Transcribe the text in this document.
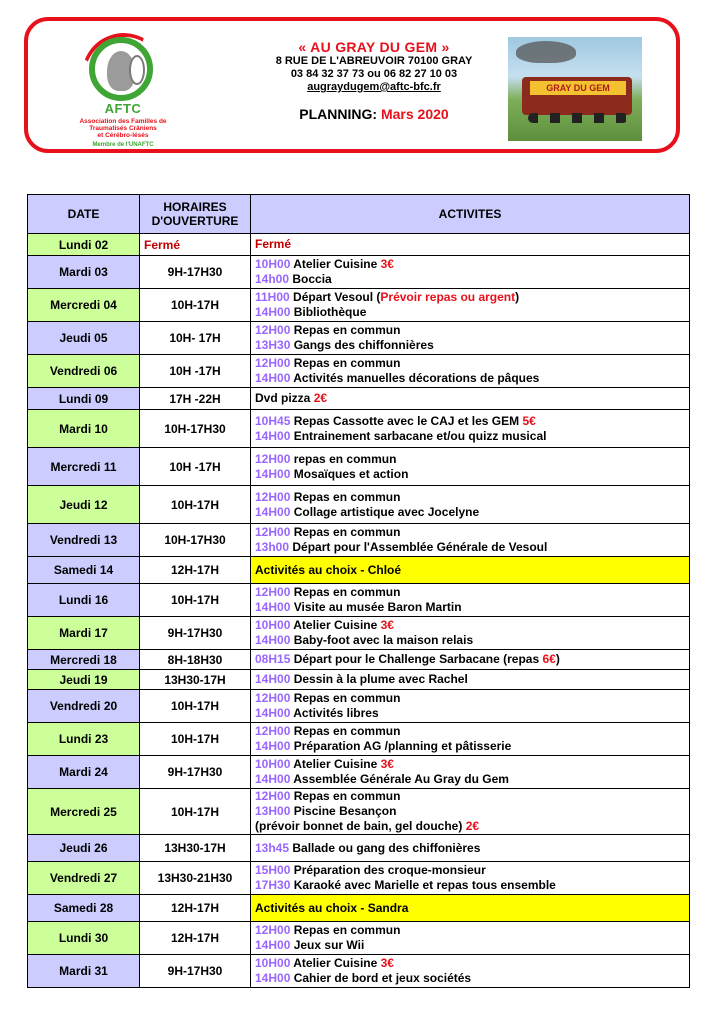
AFTC
Association des Familles de
Traumatisés Crâniens
et Cérébro-lésés
Membre de l'UNAFTC
« AU GRAY DU GEM »
8 RUE DE L'ABREUVOIR 70100 GRAY
03 84 32 37 73 ou 06 82 27 10 03
augraydugem@aftc-bfc.fr
PLANNING: Mars 2020
GRAY DU GEM
DATE	HORAIRES D'OUVERTURE	ACTIVITES
Lundi 02	Fermé	Fermé

Mardi 03	9H-17H30	10H00 Atelier Cuisine 3€
14h00 Boccia

Mercredi 04	10H-17H	11H00 Départ Vesoul (Prévoir repas ou argent)
14H00 Bibliothèque

Jeudi 05	10H- 17H	12H00 Repas en commun
13H30 Gangs des chiffonnières

Vendredi 06	10H -17H	12H00 Repas en commun
14H00 Activités manuelles décorations de pâques

Lundi 09	17H -22H	Dvd pizza 2€

Mardi 10	10H-17H30	10H45 Repas Cassotte avec le CAJ et les GEM 5€
14H00 Entrainement sarbacane et/ou quizz musical

Mercredi 11	10H -17H	12H00 repas en commun
14H00 Mosaïques et action

Jeudi 12	10H-17H	12H00 Repas en commun
14H00 Collage artistique avec Jocelyne

Vendredi 13	10H-17H30	12H00 Repas en commun
13h00 Départ pour l'Assemblée Générale de Vesoul

Samedi 14	12H-17H	Activités au choix - Chloé

Lundi 16	10H-17H	12H00 Repas en commun
14H00 Visite au musée Baron Martin

Mardi 17	9H-17H30	10H00 Atelier Cuisine 3€
14H00 Baby-foot avec la maison relais

Mercredi 18	8H-18H30	08H15 Départ pour le Challenge Sarbacane (repas 6€)

Jeudi 19	13H30-17H	14H00 Dessin à la plume avec Rachel

Vendredi 20	10H-17H	12H00 Repas en commun
14H00 Activités libres

Lundi 23	10H-17H	12H00 Repas en commun
14H00 Préparation AG /planning et pâtisserie

Mardi 24	9H-17H30	10H00 Atelier Cuisine 3€
14H00 Assemblée Générale Au Gray du Gem

Mercredi 25	10H-17H	12H00 Repas en commun
13H00 Piscine Besançon
(prévoir bonnet de bain, gel douche) 2€

Jeudi 26	13H30-17H	13h45 Ballade ou gang des chiffonières

Vendredi 27	13H30-21H30	15H00 Préparation des croque-monsieur
17H30 Karaoké avec Marielle et repas tous ensemble

Samedi 28	12H-17H	Activités au choix - Sandra

Lundi 30	12H-17H	12H00 Repas en commun
14H00 Jeux sur Wii

Mardi 31	9H-17H30	10H00 Atelier Cuisine 3€
14H00 Cahier de bord et jeux sociétés
